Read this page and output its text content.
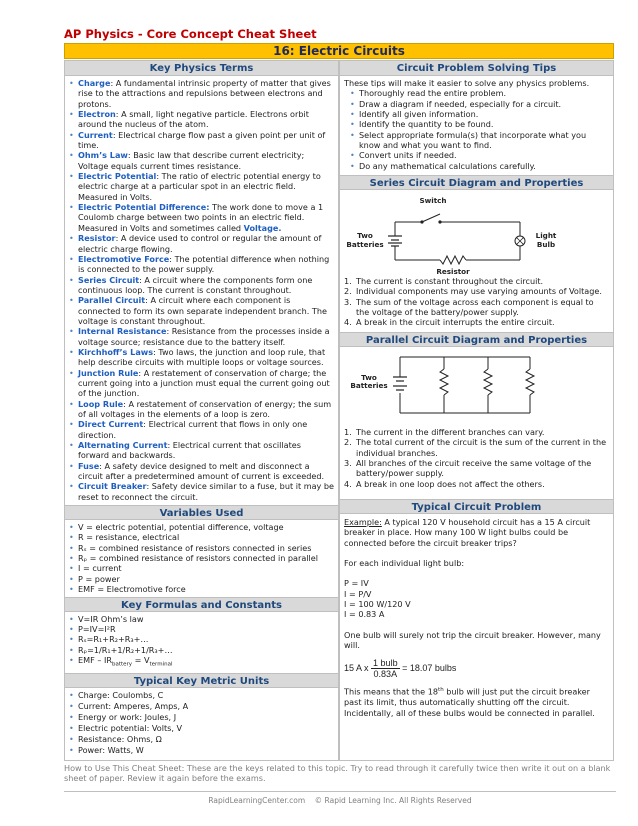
AP Physics - Core Concept Cheat Sheet
16: Electric Circuits
Key Physics Terms
• Charge: A fundamental intrinsic property of matter that gives rise to the attractions and repulsions between electrons and protons.
• Electron: A small, light negative particle. Electrons orbit around the nucleus of the atom.
• Current: Electrical charge flow past a given point per unit of time.
• Ohm’s Law: Basic law that describe current electricity; Voltage equals current times resistance.
• Electric Potential: The ratio of electric potential energy to electric charge at a particular spot in an electric field. Measured in Volts.
• Electric Potential Difference: The work done to move a 1 Coulomb charge between two points in an electric field. Measured in Volts and sometimes called Voltage.
• Resistor: A device used to control or regular the amount of electric charge flowing.
• Electromotive Force: The potential difference when nothing is connected to the power supply.
• Series Circuit: A circuit where the components form one continuous loop. The current is constant throughout.
• Parallel Circuit: A circuit where each component is connected to form its own separate independent branch. The voltage is constant throughout.
• Internal Resistance: Resistance from the processes inside a voltage source; resistance due to the battery itself.
• Kirchhoff’s Laws: Two laws, the junction and loop rule, that help describe circuits with multiple loops or voltage sources.
• Junction Rule: A restatement of conservation of charge; the current going into a junction must equal the current going out of the junction.
• Loop Rule: A restatement of conservation of energy; the sum of all voltages in the elements of a loop is zero.
• Direct Current: Electrical current that flows in only one direction.
• Alternating Current: Electrical current that oscillates forward and backwards.
• Fuse: A safety device designed to melt and disconnect a circuit after a predetermined amount of current is exceeded.
• Circuit Breaker: Safety device similar to a fuse, but it may be reset to reconnect the circuit.
Variables Used
• V = electric potential, potential difference, voltage
• R = resistance, electrical
• Rₛ = combined resistance of resistors connected in series
• Rₚ = combined resistance of resistors connected in parallel
• I = current
• P = power
• EMF = Electromotive force
Key Formulas and Constants
• V=IR Ohm’s law
• P=IV=I²R
• Rₛ=R₁+R₂+R₃+…
• Rₚ=1/R₁+1/R₂+1/R₃+…
• EMF – $IR_{battery} = V_{terminal}$
Typical Key Metric Units
• Charge: Coulombs, C
• Current: Amperes, Amps, A
• Energy or work: Joules, J
• Electric potential: Volts, V
• Resistance: Ohms, Ω
• Power: Watts, W
Circuit Problem Solving Tips
These tips will make it easier to solve any physics problems.
• Thoroughly read the entire problem.
• Draw a diagram if needed, especially for a circuit.
• Identify all given information.
• Identify the quantity to be found.
• Select appropriate formula(s) that incorporate what you know and what you want to find.
• Convert units if needed.
• Do any mathematical calculations carefully.
Series Circuit Diagram and Properties
Switch
Two Batteries
Light Bulb
Resistor
1. The current is constant throughout the circuit.
2. Individual components may use varying amounts of Voltage.
3. The sum of the voltage across each component is equal to the voltage of the battery/power supply.
4. A break in the circuit interrupts the entire circuit.
Parallel Circuit Diagram and Properties
Two Batteries
1. The current in the different branches can vary.
2. The total current of the circuit is the sum of the current in the individual branches.
3. All branches of the circuit receive the same voltage of the battery/power supply.
4. A break in one loop does not affect the others.
Typical Circuit Problem
Example: A typical 120 V household circuit has a 15 A circuit breaker in place. How many 100 W light bulbs could be connected before the circuit breaker trips?
For each individual light bulb:
P = IV
I = P/V
I = 100 W/120 V
I = 0.83 A
One bulb will surely not trip the circuit breaker. However, many will.
15 A x $\frac{\text{1 bulb}}{0.83A} = 18.07$ bulbs
This means that the 18th bulb will just put the circuit breaker past its limit, thus automatically shutting off the circuit. Incidentally, all of these bulbs would be connected in parallel.
How to Use This Cheat Sheet: These are the keys related to this topic. Try to read through it carefully twice then write it out on a blank sheet of paper. Review it again before the exams.
RapidLearningCenter.com © Rapid Learning Inc. All Rights Reserved
